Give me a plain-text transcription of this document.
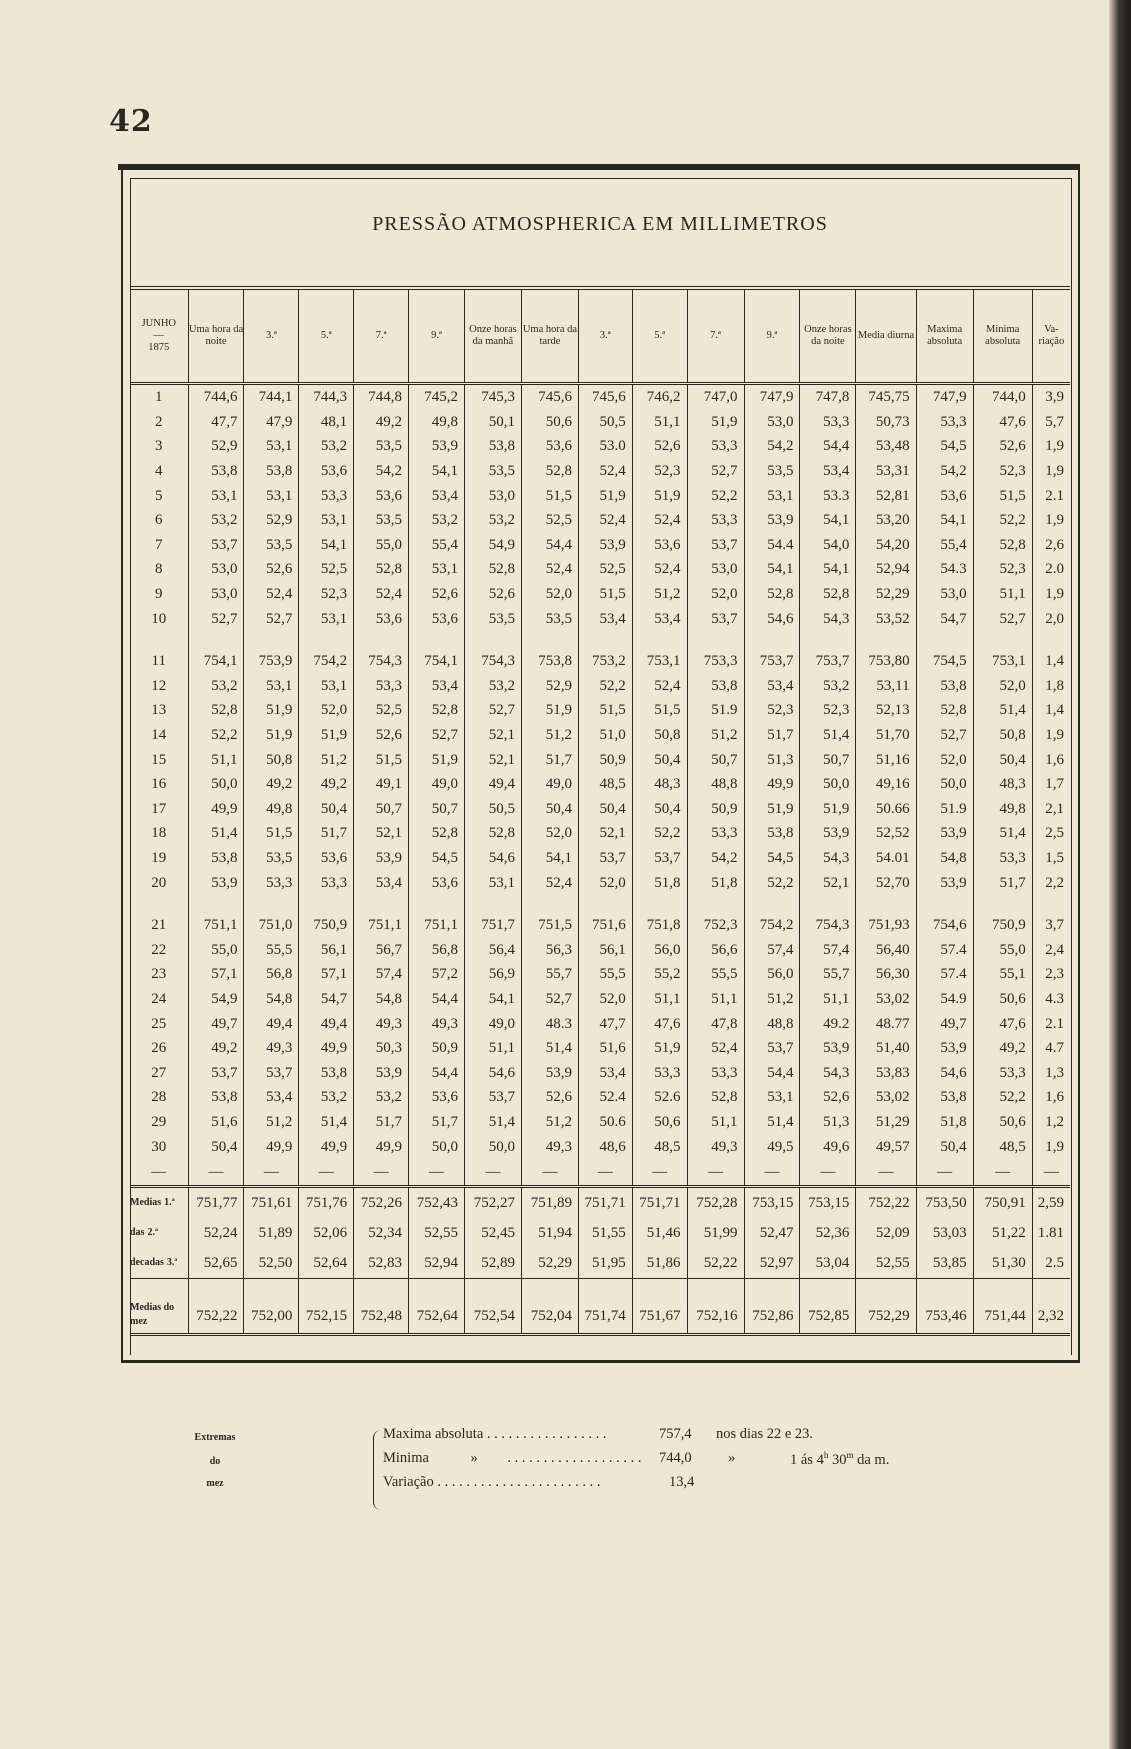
42
PRESSÃO ATMOSPHERICA EM MILLIMETROS
JUNHO
—
1875	Uma hora da noite	3.ª	5.ª	7.ª	9.ª	Onze horas da manhã	Uma hora da tarde	3.ª	5.ª	7.ª	9.ª	Onze horas da noite	Media diurna	Maxima absoluta	Minima absoluta	Va-riação
1	744,6	744,1	744,3	744,8	745,2	745,3	745,6	745,6	746,2	747,0	747,9	747,8	745,75	747,9	744,0	3,9
2	47,7	47,9	48,1	49,2	49,8	50,1	50,6	50,5	51,1	51,9	53,0	53,3	50,73	53,3	47,6	5,7
3	52,9	53,1	53,2	53,5	53,9	53,8	53,6	53.0	52,6	53,3	54,2	54,4	53,48	54,5	52,6	1,9
4	53,8	53,8	53,6	54,2	54,1	53,5	52,8	52,4	52,3	52,7	53,5	53,4	53,31	54,2	52,3	1,9
5	53,1	53,1	53,3	53,6	53,4	53,0	51,5	51,9	51,9	52,2	53,1	53.3	52,81	53,6	51,5	2.1
6	53,2	52,9	53,1	53,5	53,2	53,2	52,5	52,4	52,4	53,3	53,9	54,1	53,20	54,1	52,2	1,9
7	53,7	53,5	54,1	55,0	55,4	54,9	54,4	53,9	53,6	53,7	54.4	54,0	54,20	55,4	52,8	2,6
8	53,0	52,6	52,5	52,8	53,1	52,8	52,4	52,5	52,4	53,0	54,1	54,1	52,94	54.3	52,3	2.0
9	53,0	52,4	52,3	52,4	52,6	52,6	52,0	51,5	51,2	52,0	52,8	52,8	52,29	53,0	51,1	1,9
10	52,7	52,7	53,1	53,6	53,6	53,5	53,5	53,4	53,4	53,7	54,6	54,3	53,52	54,7	52,7	2,0

11	754,1	753,9	754,2	754,3	754,1	754,3	753,8	753,2	753,1	753,3	753,7	753,7	753,80	754,5	753,1	1,4
12	53,2	53,1	53,1	53,3	53,4	53,2	52,9	52,2	52,4	53,8	53,4	53,2	53,11	53,8	52,0	1,8
13	52,8	51,9	52,0	52,5	52,8	52,7	51,9	51,5	51,5	51.9	52,3	52,3	52,13	52,8	51,4	1,4
14	52,2	51,9	51,9	52,6	52,7	52,1	51,2	51,0	50,8	51,2	51,7	51,4	51,70	52,7	50,8	1,9
15	51,1	50,8	51,2	51,5	51,9	52,1	51,7	50,9	50,4	50,7	51,3	50,7	51,16	52,0	50,4	1,6
16	50,0	49,2	49,2	49,1	49,0	49,4	49,0	48,5	48,3	48,8	49,9	50,0	49,16	50,0	48,3	1,7
17	49,9	49,8	50,4	50,7	50,7	50,5	50,4	50,4	50,4	50,9	51,9	51,9	50.66	51.9	49,8	2,1
18	51,4	51,5	51,7	52,1	52,8	52,8	52,0	52,1	52,2	53,3	53,8	53,9	52,52	53,9	51,4	2,5
19	53,8	53,5	53,6	53,9	54,5	54,6	54,1	53,7	53,7	54,2	54,5	54,3	54.01	54,8	53,3	1,5
20	53,9	53,3	53,3	53,4	53,6	53,1	52,4	52,0	51,8	51,8	52,2	52,1	52,70	53,9	51,7	2,2

21	751,1	751,0	750,9	751,1	751,1	751,7	751,5	751,6	751,8	752,3	754,2	754,3	751,93	754,6	750,9	3,7
22	55,0	55,5	56,1	56,7	56,8	56,4	56,3	56,1	56,0	56,6	57,4	57,4	56,40	57.4	55,0	2,4
23	57,1	56,8	57,1	57,4	57,2	56,9	55,7	55,5	55,2	55,5	56,0	55,7	56,30	57.4	55,1	2,3
24	54,9	54,8	54,7	54,8	54,4	54,1	52,7	52,0	51,1	51,1	51,2	51,1	53,02	54.9	50,6	4.3
25	49,7	49,4	49,4	49,3	49,3	49,0	48.3	47,7	47,6	47,8	48,8	49.2	48.77	49,7	47,6	2.1
26	49,2	49,3	49,9	50,3	50,9	51,1	51,4	51,6	51,9	52,4	53,7	53,9	51,40	53,9	49,2	4.7
27	53,7	53,7	53,8	53,9	54,4	54,6	53,9	53,4	53,3	53,3	54,4	54,3	53,83	54,6	53,3	1,3
28	53,8	53,4	53,2	53,2	53,6	53,7	52,6	52.4	52.6	52,8	53,1	52,6	53,02	53,8	52,2	1,6
29	51,6	51,2	51,4	51,7	51,7	51,4	51,2	50.6	50,6	51,1	51,4	51,3	51,29	51,8	50,6	1,2
30	50,4	49,9	49,9	49,9	50,0	50,0	49,3	48,6	48,5	49,3	49,5	49,6	49,57	50,4	48,5	1,9
—	—	—	—	—	—	—	—	—	—	—	—	—	—	—	—	—
Medias 1.ª	751,77	751,61	751,76	752,26	752,43	752,27	751,89	751,71	751,71	752,28	753,15	753,15	752,22	753,50	750,91	2,59
das 2.ª	52,24	51,89	52,06	52,34	52,55	52,45	51,94	51,55	51,46	51,99	52,47	52,36	52,09	53,03	51,22	1.81
decadas 3.ª	52,65	52,50	52,64	52,83	52,94	52,89	52,29	51,95	51,86	52,22	52,97	53,04	52,55	53,85	51,30	2.5

Medias do
mez	752,22	752,00	752,15	752,48	752,64	752,54	752,04	751,74	751,67	752,16	752,86	752,85	752,29	753,46	751,44	2,32
Extremas
do
mez
Maxima absoluta . . . . . . . . . . . . . . . . .	757,4 nos dias 22 e 23.
Minima	» . . . . . . . . . . . . . . . . . . . 744,0	»	1 ás 4$^h$ 30$^m$ da m.
Variação . . . . . . . . . . . . . . . . . . . . . . .	13,4
